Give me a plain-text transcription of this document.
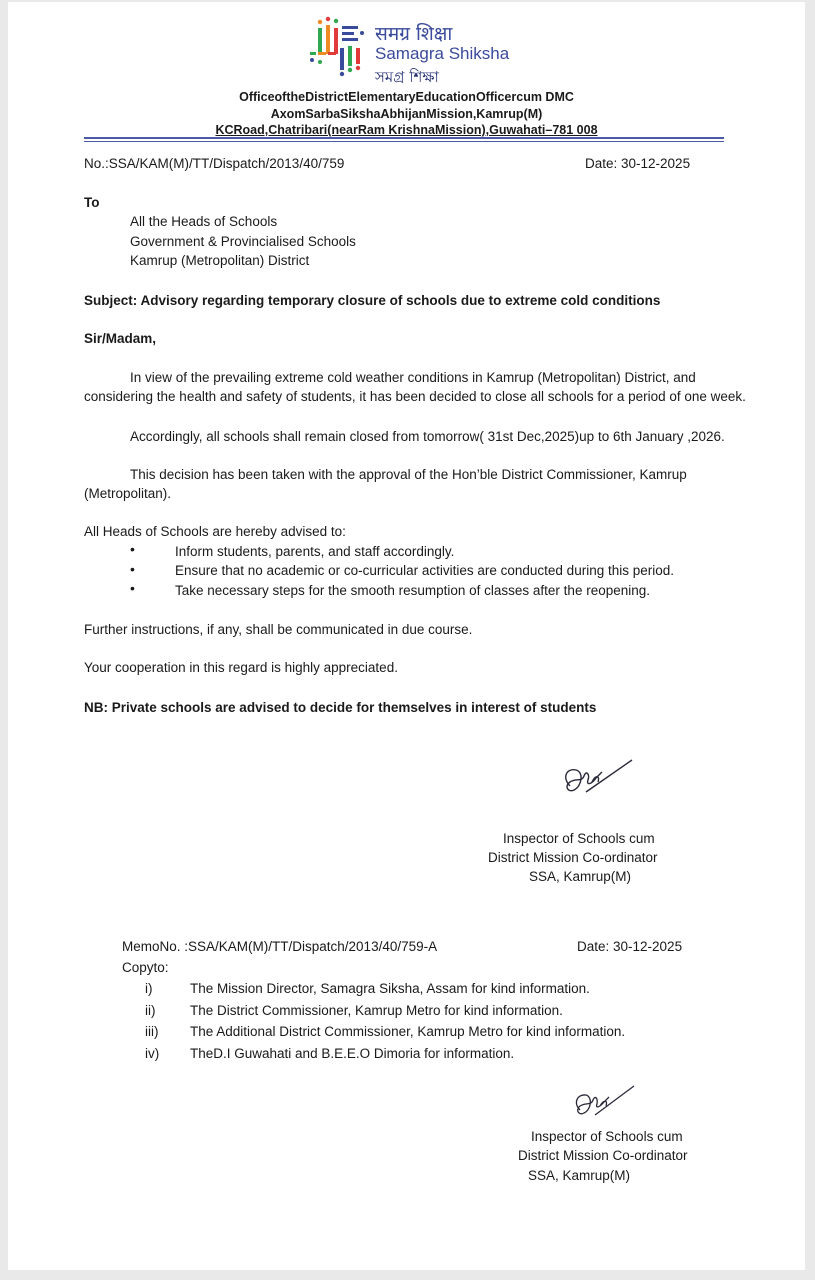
समग्र शिक्षा
Samagra Shiksha
সমগ্ৰ শিক্ষা
OfficeoftheDistrictElementaryEducationOfficercum DMC
AxomSarbaSikshaAbhijanMission,Kamrup(M)
KCRoad,Chatribari(nearRam KrishnaMission),Guwahati–781 008
No.:SSA/KAM(M)/TT/Dispatch/2013/40/759	Date: 30-12-2025
To
All the Heads of Schools
Government & Provincialised Schools
Kamrup (Metropolitan) District
Subject: Advisory regarding temporary closure of schools due to extreme cold conditions
Sir/Madam,
In view of the prevailing extreme cold weather conditions in Kamrup (Metropolitan) District, and
considering the health and safety of students, it has been decided to close all schools for a period of one week.
Accordingly, all schools shall remain closed from tomorrow( 31st Dec,2025)up to 6th January ,2026.
This decision has been taken with the approval of the Hon’ble District Commissioner, Kamrup
(Metropolitan).
All Heads of Schools are hereby advised to:
•	Inform students, parents, and staff accordingly.
•	Ensure that no academic or co-curricular activities are conducted during this period.
•	Take necessary steps for the smooth resumption of classes after the reopening.
Further instructions, if any, shall be communicated in due course.
Your cooperation in this regard is highly appreciated.
NB: Private schools are advised to decide for themselves in interest of students
Inspector of Schools cum
District Mission Co-ordinator
SSA, Kamrup(M)
MemoNo. :SSA/KAM(M)/TT/Dispatch/2013/40/759-A	Date: 30-12-2025
Copyto:
i)	The Mission Director, Samagra Siksha, Assam for kind information.
ii)	The District Commissioner, Kamrup Metro for kind information.
iii) The Additional District Commissioner, Kamrup Metro for kind information.
iv) TheD.I Guwahati and B.E.E.O Dimoria for information.
Inspector of Schools cum
District Mission Co-ordinator
SSA, Kamrup(M)
